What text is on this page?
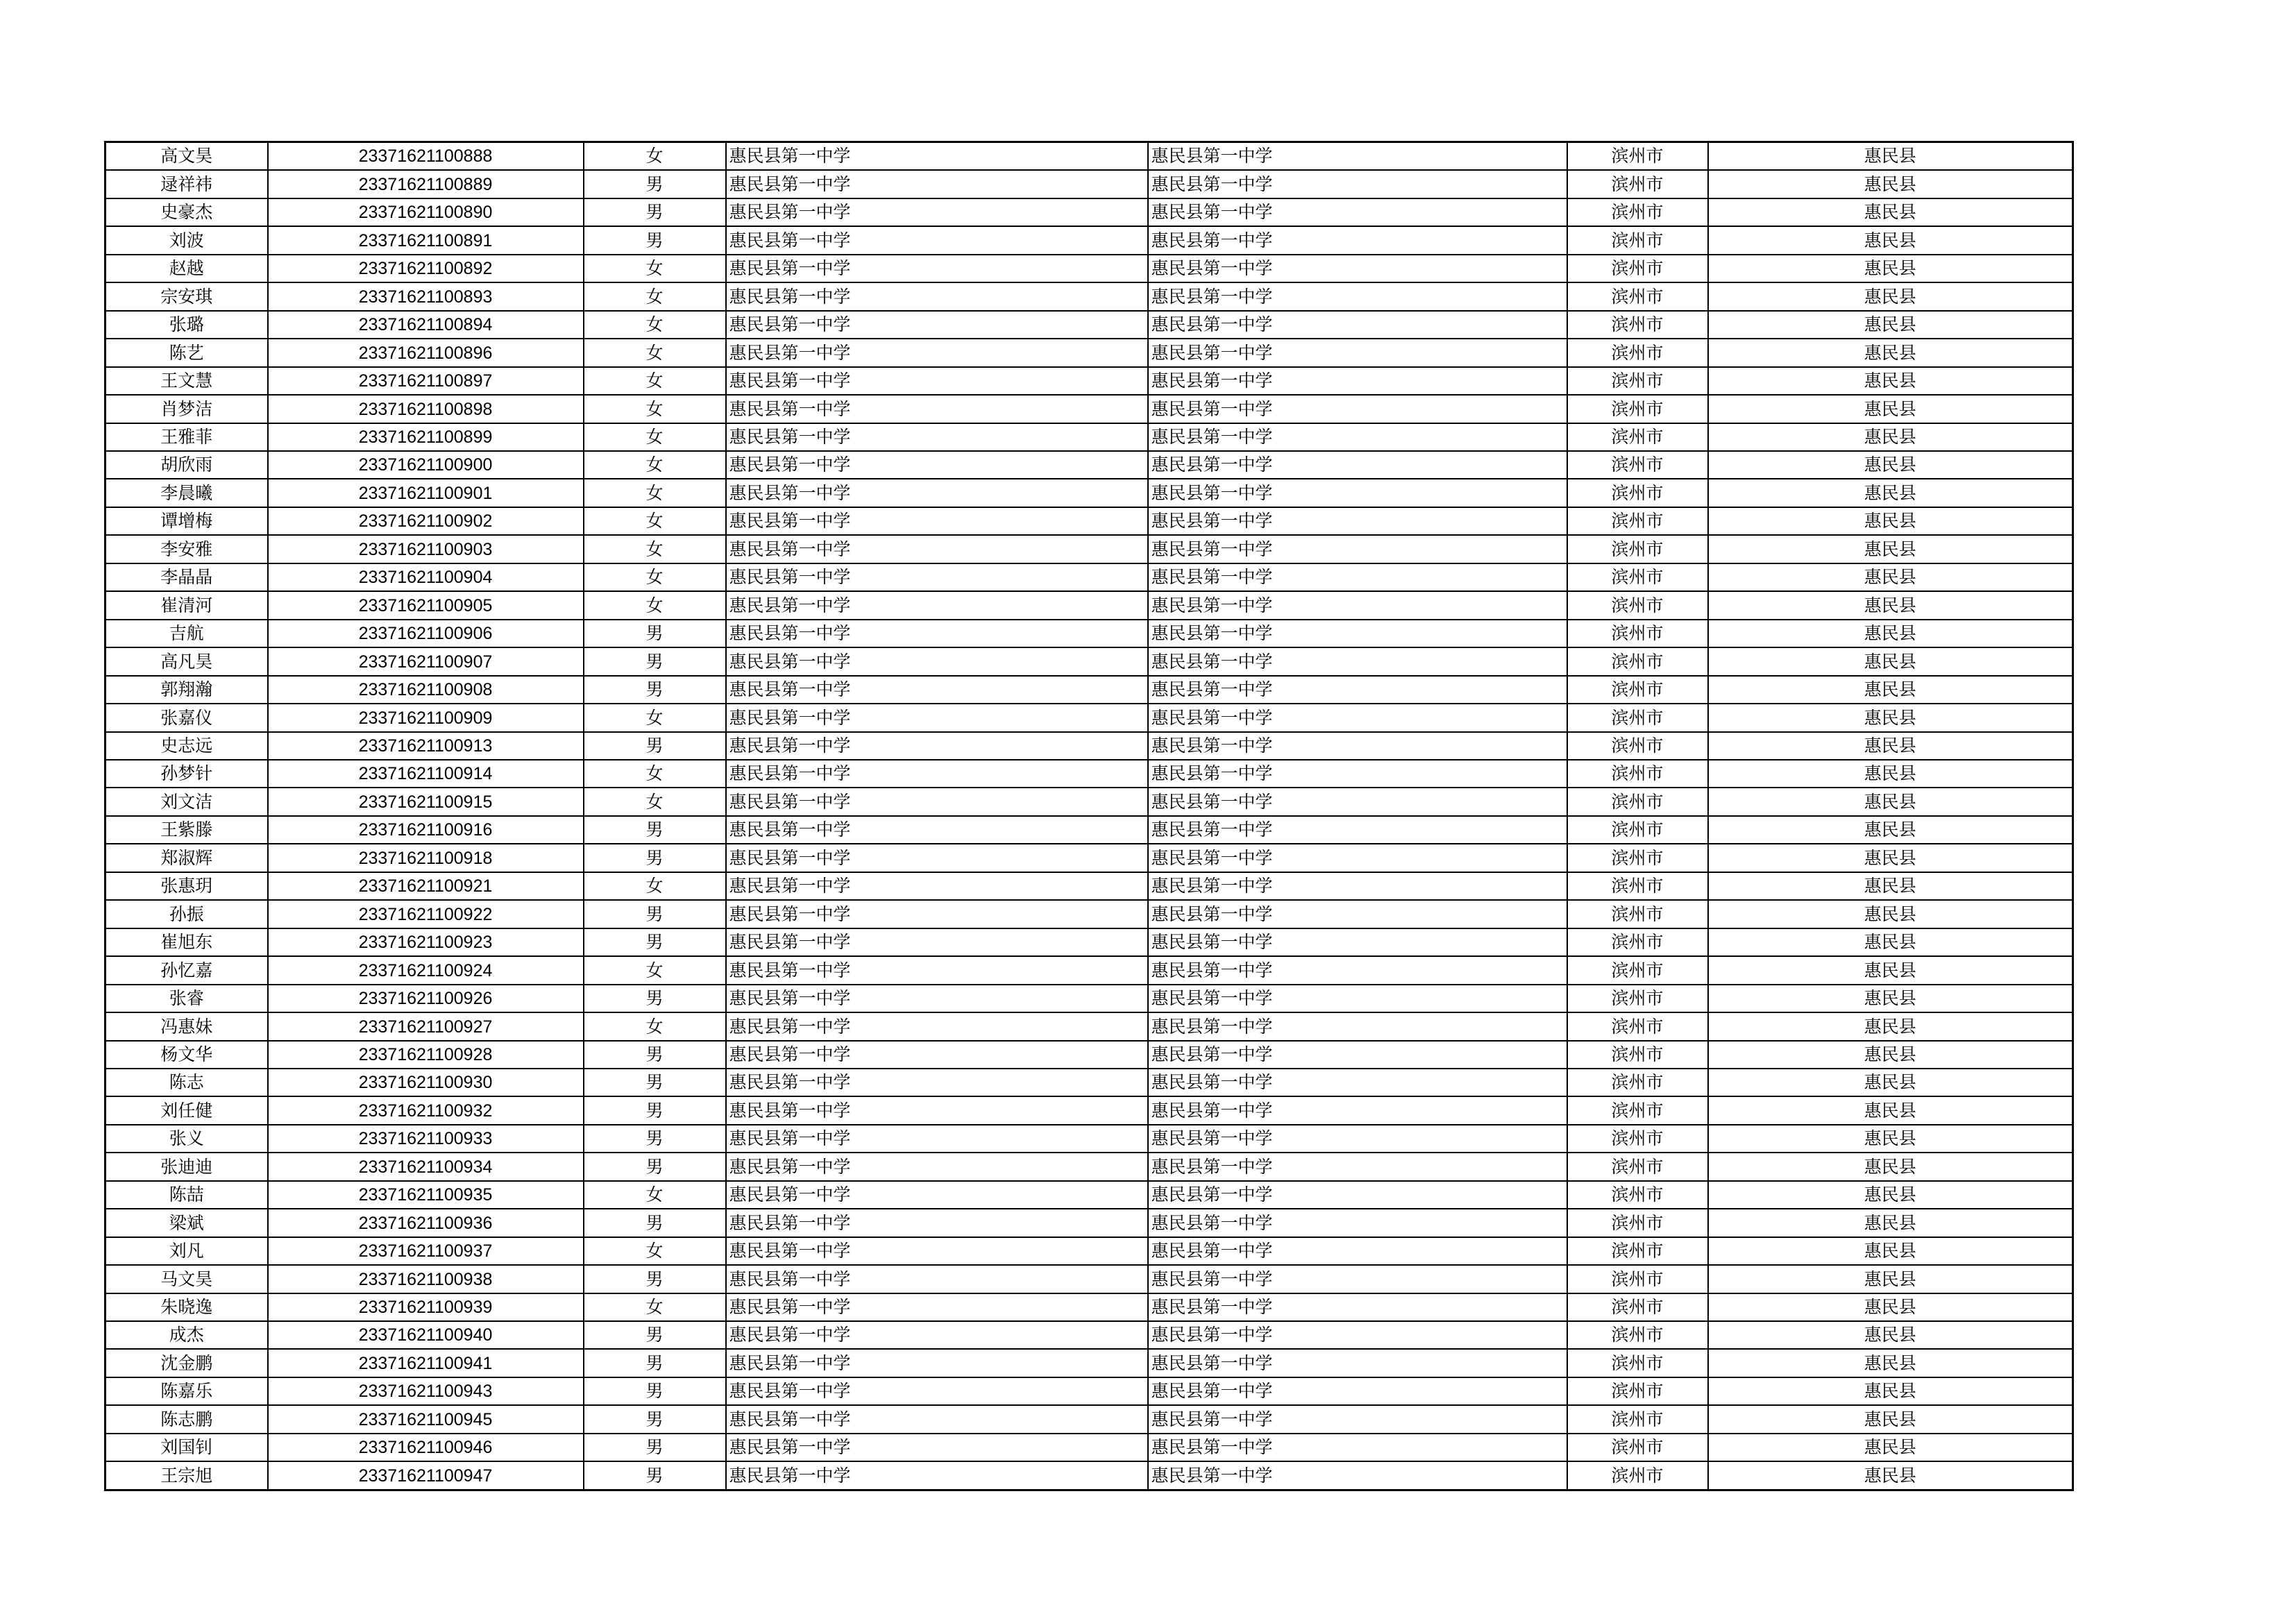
高文昊	23371621100888	女	惠民县第一中学	惠民县第一中学	滨州市	惠民县
逯祥祎	23371621100889	男	惠民县第一中学	惠民县第一中学	滨州市	惠民县
史豪杰	23371621100890	男	惠民县第一中学	惠民县第一中学	滨州市	惠民县
刘波	23371621100891	男	惠民县第一中学	惠民县第一中学	滨州市	惠民县
赵越	23371621100892	女	惠民县第一中学	惠民县第一中学	滨州市	惠民县
宗安琪	23371621100893	女	惠民县第一中学	惠民县第一中学	滨州市	惠民县
张璐	23371621100894	女	惠民县第一中学	惠民县第一中学	滨州市	惠民县
陈艺	23371621100896	女	惠民县第一中学	惠民县第一中学	滨州市	惠民县
王文慧	23371621100897	女	惠民县第一中学	惠民县第一中学	滨州市	惠民县
肖梦洁	23371621100898	女	惠民县第一中学	惠民县第一中学	滨州市	惠民县
王雅菲	23371621100899	女	惠民县第一中学	惠民县第一中学	滨州市	惠民县
胡欣雨	23371621100900	女	惠民县第一中学	惠民县第一中学	滨州市	惠民县
李晨曦	23371621100901	女	惠民县第一中学	惠民县第一中学	滨州市	惠民县
谭增梅	23371621100902	女	惠民县第一中学	惠民县第一中学	滨州市	惠民县
李安雅	23371621100903	女	惠民县第一中学	惠民县第一中学	滨州市	惠民县
李晶晶	23371621100904	女	惠民县第一中学	惠民县第一中学	滨州市	惠民县
崔清河	23371621100905	女	惠民县第一中学	惠民县第一中学	滨州市	惠民县
吉航	23371621100906	男	惠民县第一中学	惠民县第一中学	滨州市	惠民县
高凡昊	23371621100907	男	惠民县第一中学	惠民县第一中学	滨州市	惠民县
郭翔瀚	23371621100908	男	惠民县第一中学	惠民县第一中学	滨州市	惠民县
张嘉仪	23371621100909	女	惠民县第一中学	惠民县第一中学	滨州市	惠民县
史志远	23371621100913	男	惠民县第一中学	惠民县第一中学	滨州市	惠民县
孙梦针	23371621100914	女	惠民县第一中学	惠民县第一中学	滨州市	惠民县
刘文洁	23371621100915	女	惠民县第一中学	惠民县第一中学	滨州市	惠民县
王紫滕	23371621100916	男	惠民县第一中学	惠民县第一中学	滨州市	惠民县
郑淑辉	23371621100918	男	惠民县第一中学	惠民县第一中学	滨州市	惠民县
张惠玥	23371621100921	女	惠民县第一中学	惠民县第一中学	滨州市	惠民县
孙振	23371621100922	男	惠民县第一中学	惠民县第一中学	滨州市	惠民县
崔旭东	23371621100923	男	惠民县第一中学	惠民县第一中学	滨州市	惠民县
孙忆嘉	23371621100924	女	惠民县第一中学	惠民县第一中学	滨州市	惠民县
张睿	23371621100926	男	惠民县第一中学	惠民县第一中学	滨州市	惠民县
冯惠妹	23371621100927	女	惠民县第一中学	惠民县第一中学	滨州市	惠民县
杨文华	23371621100928	男	惠民县第一中学	惠民县第一中学	滨州市	惠民县
陈志	23371621100930	男	惠民县第一中学	惠民县第一中学	滨州市	惠民县
刘任健	23371621100932	男	惠民县第一中学	惠民县第一中学	滨州市	惠民县
张义	23371621100933	男	惠民县第一中学	惠民县第一中学	滨州市	惠民县
张迪迪	23371621100934	男	惠民县第一中学	惠民县第一中学	滨州市	惠民县
陈喆	23371621100935	女	惠民县第一中学	惠民县第一中学	滨州市	惠民县
梁斌	23371621100936	男	惠民县第一中学	惠民县第一中学	滨州市	惠民县
刘凡	23371621100937	女	惠民县第一中学	惠民县第一中学	滨州市	惠民县
马文昊	23371621100938	男	惠民县第一中学	惠民县第一中学	滨州市	惠民县
朱晓逸	23371621100939	女	惠民县第一中学	惠民县第一中学	滨州市	惠民县
成杰	23371621100940	男	惠民县第一中学	惠民县第一中学	滨州市	惠民县
沈金鹏	23371621100941	男	惠民县第一中学	惠民县第一中学	滨州市	惠民县
陈嘉乐	23371621100943	男	惠民县第一中学	惠民县第一中学	滨州市	惠民县
陈志鹏	23371621100945	男	惠民县第一中学	惠民县第一中学	滨州市	惠民县
刘国钊	23371621100946	男	惠民县第一中学	惠民县第一中学	滨州市	惠民县
王宗旭	23371621100947	男	惠民县第一中学	惠民县第一中学	滨州市	惠民县
